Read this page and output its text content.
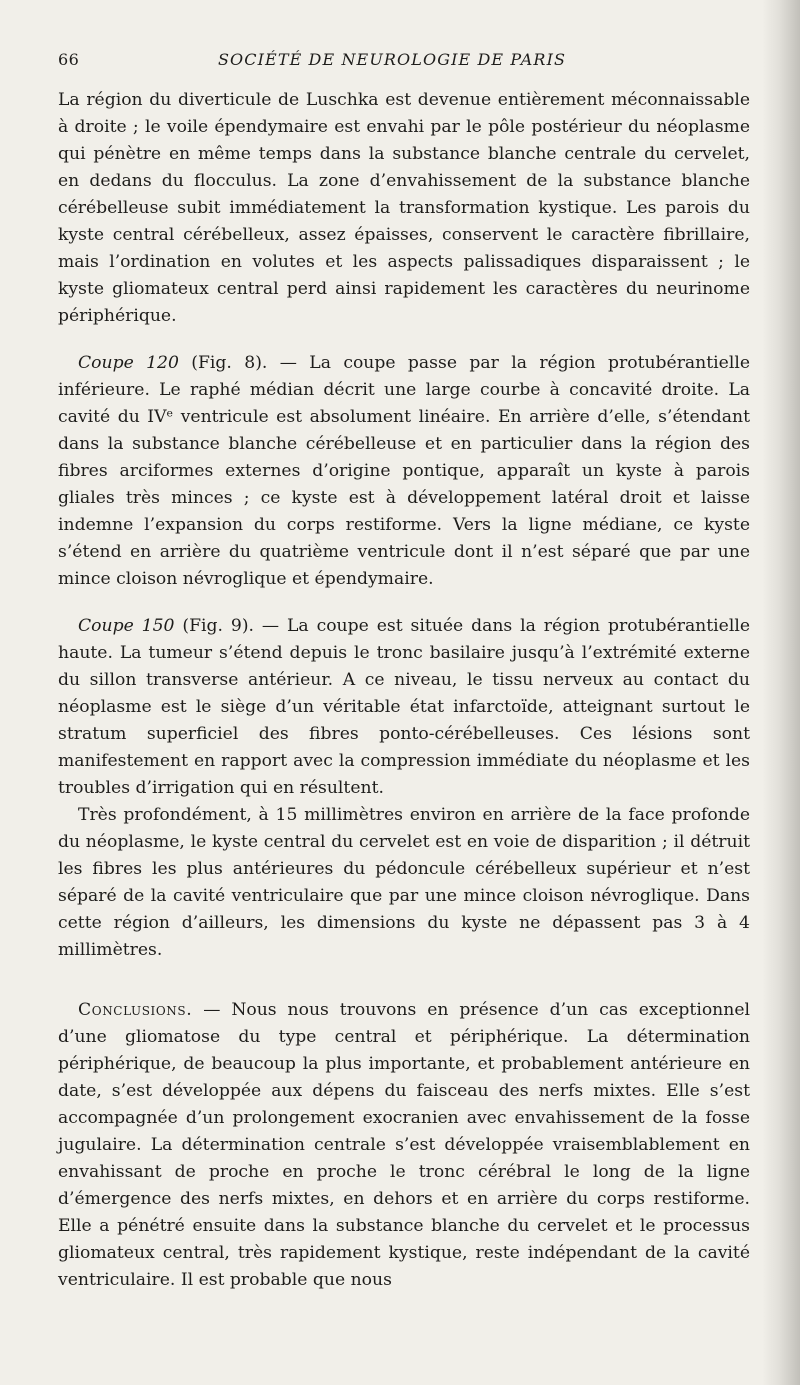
66	SOCIÉTÉ DE NEUROLOGIE DE PARIS

La région du diverticule de Luschka est devenue entièrement méconnaissable à droite ; le voile épendymaire est envahi par le pôle postérieur du néoplasme qui pénètre en même temps dans la substance blanche centrale du cervelet, en dedans du flocculus. La zone d’envahissement de la substance blanche cérébelleuse subit immédiatement la transformation kystique. Les parois du kyste central cérébelleux, assez épaisses, conservent le caractère fibrillaire, mais l’ordination en volutes et les aspects palissadiques disparaissent ; le kyste gliomateux central perd ainsi rapidement les caractères du neurinome périphérique.

Coupe 120 (Fig. 8). — La coupe passe par la région protubérantielle inférieure. Le raphé médian décrit une large courbe à concavité droite. La cavité du IVᵉ ventricule est absolument linéaire. En arrière d’elle, s’étendant dans la substance blanche cérébelleuse et en particulier dans la région des fibres arciformes externes d’origine pontique, apparaît un kyste à parois gliales très minces ; ce kyste est à développement latéral droit et laisse indemne l’expansion du corps restiforme. Vers la ligne médiane, ce kyste s’étend en arrière du quatrième ventricule dont il n’est séparé que par une mince cloison névroglique et épendymaire.

Coupe 150 (Fig. 9). — La coupe est située dans la région protubérantielle haute. La tumeur s’étend depuis le tronc basilaire jusqu’à l’extrémité externe du sillon transverse antérieur. A ce niveau, le tissu nerveux au contact du néoplasme est le siège d’un véritable état infarctoïde, atteignant surtout le stratum superficiel des fibres ponto-cérébelleuses. Ces lésions sont manifestement en rapport avec la compression immédiate du néoplasme et les troubles d’irrigation qui en résultent.

Très profondément, à 15 millimètres environ en arrière de la face profonde du néoplasme, le kyste central du cervelet est en voie de disparition ; il détruit les fibres les plus antérieures du pédoncule cérébelleux supérieur et n’est séparé de la cavité ventriculaire que par une mince cloison névroglique. Dans cette région d’ailleurs, les dimensions du kyste ne dépassent pas 3 à 4 millimètres.

Conclusions. — Nous nous trouvons en présence d’un cas exceptionnel d’une gliomatose du type central et périphérique. La détermination périphérique, de beaucoup la plus importante, et probablement antérieure en date, s’est développée aux dépens du faisceau des nerfs mixtes. Elle s’est accompagnée d’un prolongement exocranien avec envahissement de la fosse jugulaire. La détermination centrale s’est développée vraisemblablement en envahissant de proche en proche le tronc cérébral le long de la ligne d’émergence des nerfs mixtes, en dehors et en arrière du corps restiforme. Elle a pénétré ensuite dans la substance blanche du cervelet et le processus gliomateux central, très rapidement kystique, reste indépendant de la cavité ventriculaire. Il est probable que nous
